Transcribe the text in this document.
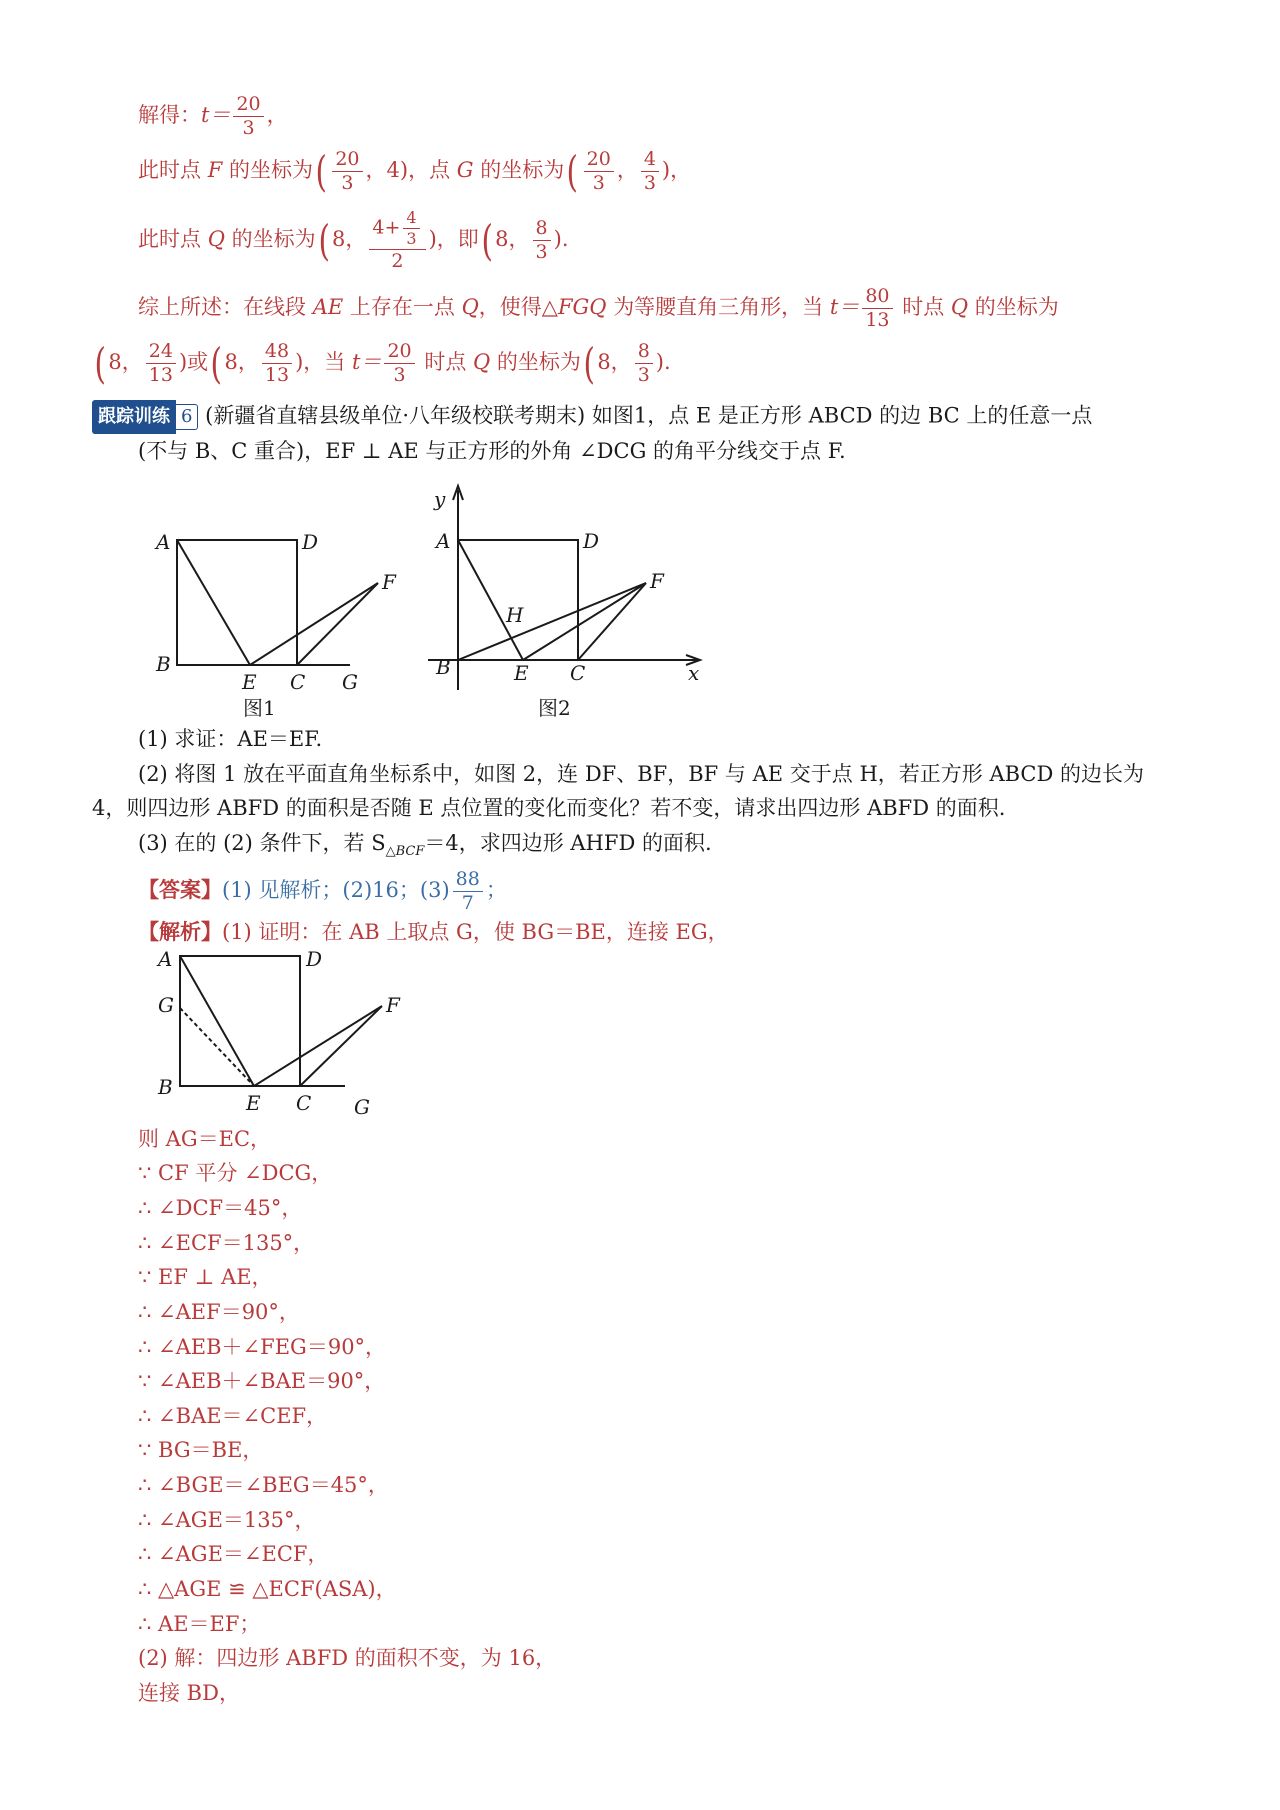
解得：$t= \frac{20}{3}$ ，
此时点 F 的坐标为( $\frac{20}{3}$ ，4)，点 G 的坐标为( $\frac{20}{3}$ ， $\frac{4}{3}$ )，
此时点 Q 的坐标为( 8， $\frac{4+ \frac{4}{3}}{2}$ )，即( 8， $\frac{8}{3}$ ).
综上所述：在线段 AE 上存在一点 Q，使得△FGQ 为等腰直角三角形，当 $t= \frac{80}{13}$ 时点 Q 的坐标为
( 8， $\frac{24}{13}$ )或( 8， $\frac{48}{13}$ )，当 $t= \frac{20}{3}$ 时点 Q 的坐标为( 8， $\frac{8}{3}$ ).
跟踪训练 6 (新疆省直辖县级单位·八年级校联考期末) 如图1，点 E 是正方形 ABCD 的边 BC 上的任意一点
(不与 B、C 重合)，EF ⊥ AE 与正方形的外角 ∠DCG 的角平分线交于点 F.
A	D
B
E C G
F
图1
y
A	D
B	E C
F
H
x
图2
(1) 求证：AE＝EF.
(2) 将图 1 放在平面直角坐标系中，如图 2，连 DF、BF，BF 与 AE 交于点 H，若正方形 ABCD 的边长为
4，则四边形 ABFD 的面积是否随 E 点位置的变化而变化？若不变，请求出四边形 ABFD 的面积.
(3) 在的 (2) 条件下，若 $S_{\triangle BCF}=4$，求四边形 AHFD 的面积.
【答案】(1) 见解析；(2)16；$(3) \frac{88}{7}$ ；
【解析】(1) 证明：在 AB 上取点 G，使 BG＝BE，连接 EG，
A	D
G
B
E C G
F
则 AG＝EC，
∵ CF 平分 ∠DCG，
∴ ∠DCF＝45°，
∴ ∠ECF＝135°，
∵ EF ⊥ AE，
∴ ∠AEF＝90°，
∴ ∠AEB＋∠FEG＝90°，
∵ ∠AEB＋∠BAE＝90°，
∴ ∠BAE＝∠CEF，
∵ BG＝BE，
∴ ∠BGE＝∠BEG＝45°，
∴ ∠AGE＝135°，
∴ ∠AGE＝∠ECF，
∴ △AGE ≌ △ECF(ASA)，
∴ AE＝EF；
(2) 解：四边形 ABFD 的面积不变，为 16，
连接 BD，
